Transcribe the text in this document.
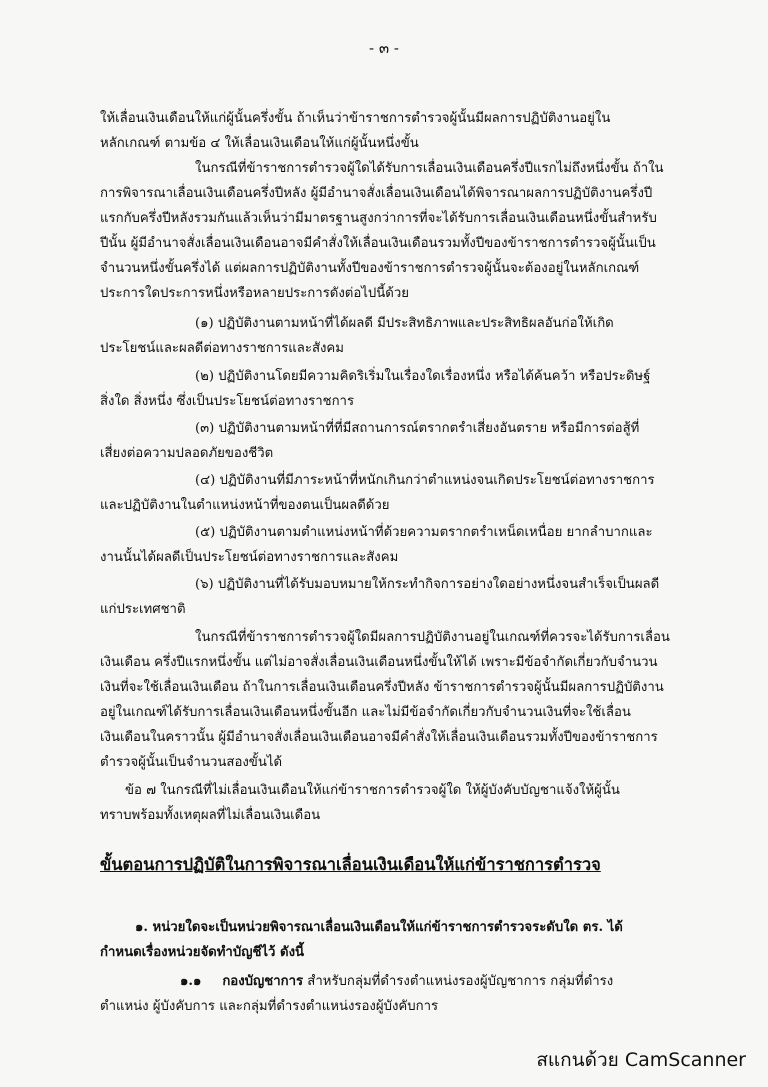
- ๓ -
ให้เลื่อนเงินเดือนให้แก่ผู้นั้นครึ่งขั้น ถ้าเห็นว่าข้าราชการตำรวจผู้นั้นมีผลการปฏิบัติงานอยู่ใน
หลักเกณฑ์ ตามข้อ ๔ ให้เลื่อนเงินเดือนให้แก่ผู้นั้นหนึ่งขั้น
ในกรณีที่ข้าราชการตำรวจผู้ใดได้รับการเลื่อนเงินเดือนครึ่งปีแรกไม่ถึงหนึ่งขั้น ถ้าใน
การพิจารณาเลื่อนเงินเดือนครึ่งปีหลัง ผู้มีอำนาจสั่งเลื่อนเงินเดือนได้พิจารณาผลการปฏิบัติงานครึ่งปี
แรกกับครึ่งปีหลังรวมกันแล้วเห็นว่ามีมาตรฐานสูงกว่าการที่จะได้รับการเลื่อนเงินเดือนหนึ่งขั้นสำหรับ
ปีนั้น ผู้มีอำนาจสั่งเลื่อนเงินเดือนอาจมีคำสั่งให้เลื่อนเงินเดือนรวมทั้งปีของข้าราชการตำรวจผู้นั้นเป็น
จำนวนหนึ่งขั้นครึ่งได้ แต่ผลการปฏิบัติงานทั้งปีของข้าราชการตำรวจผู้นั้นจะต้องอยู่ในหลักเกณฑ์
ประการใดประการหนึ่งหรือหลายประการดังต่อไปนี้ด้วย
(๑) ปฏิบัติงานตามหน้าที่ได้ผลดี มีประสิทธิภาพและประสิทธิผลอันก่อให้เกิด
ประโยชน์และผลดีต่อทางราชการและสังคม
(๒) ปฏิบัติงานโดยมีความคิดริเริ่มในเรื่องใดเรื่องหนึ่ง หรือได้ค้นคว้า หรือประดิษฐ์
สิ่งใด สิ่งหนึ่ง ซึ่งเป็นประโยชน์ต่อทางราชการ
(๓) ปฏิบัติงานตามหน้าที่ที่มีสถานการณ์ตรากตรำเสี่ยงอันตราย หรือมีการต่อสู้ที่
เสี่ยงต่อความปลอดภัยของชีวิต
(๔) ปฏิบัติงานที่มีภาระหน้าที่หนักเกินกว่าตำแหน่งจนเกิดประโยชน์ต่อทางราชการ
และปฏิบัติงานในตำแหน่งหน้าที่ของตนเป็นผลดีด้วย
(๕) ปฏิบัติงานตามตำแหน่งหน้าที่ด้วยความตรากตรำเหน็ดเหนื่อย ยากลำบากและ
งานนั้นได้ผลดีเป็นประโยชน์ต่อทางราชการและสังคม
(๖) ปฏิบัติงานที่ได้รับมอบหมายให้กระทำกิจการอย่างใดอย่างหนึ่งจนสำเร็จเป็นผลดี
แก่ประเทศชาติ
ในกรณีที่ข้าราชการตำรวจผู้ใดมีผลการปฏิบัติงานอยู่ในเกณฑ์ที่ควรจะได้รับการเลื่อน
เงินเดือน ครึ่งปีแรกหนึ่งขั้น แต่ไม่อาจสั่งเลื่อนเงินเดือนหนึ่งขั้นให้ได้ เพราะมีข้อจำกัดเกี่ยวกับจำนวน
เงินที่จะใช้เลื่อนเงินเดือน ถ้าในการเลื่อนเงินเดือนครึ่งปีหลัง ข้าราชการตำรวจผู้นั้นมีผลการปฏิบัติงาน
อยู่ในเกณฑ์ได้รับการเลื่อนเงินเดือนหนึ่งขั้นอีก และไม่มีข้อจำกัดเกี่ยวกับจำนวนเงินที่จะใช้เลื่อน
เงินเดือนในคราวนั้น ผู้มีอำนาจสั่งเลื่อนเงินเดือนอาจมีคำสั่งให้เลื่อนเงินเดือนรวมทั้งปีของข้าราชการ
ตำรวจผู้นั้นเป็นจำนวนสองขั้นได้
ข้อ ๗ ในกรณีที่ไม่เลื่อนเงินเดือนให้แก่ข้าราชการตำรวจผู้ใด ให้ผู้บังคับบัญชาแจ้งให้ผู้นั้น
ทราบพร้อมทั้งเหตุผลที่ไม่เลื่อนเงินเดือน
ขั้นตอนการปฏิบัติในการพิจารณาเลื่อนเงินเดือนให้แก่ข้าราชการตำรวจ
๑. หน่วยใดจะเป็นหน่วยพิจารณาเลื่อนเงินเดือนให้แก่ข้าราชการตำรวจระดับใด ตร. ได้
กำหนดเรื่องหน่วยจัดทำบัญชีไว้ ดังนี้
๑.๑ กองบัญชาการ สำหรับกลุ่มที่ดำรงตำแหน่งรองผู้บัญชาการ กลุ่มที่ดำรง
ตำแหน่ง ผู้บังคับการ และกลุ่มที่ดำรงตำแหน่งรองผู้บังคับการ
สแกนด้วย CamScanner
